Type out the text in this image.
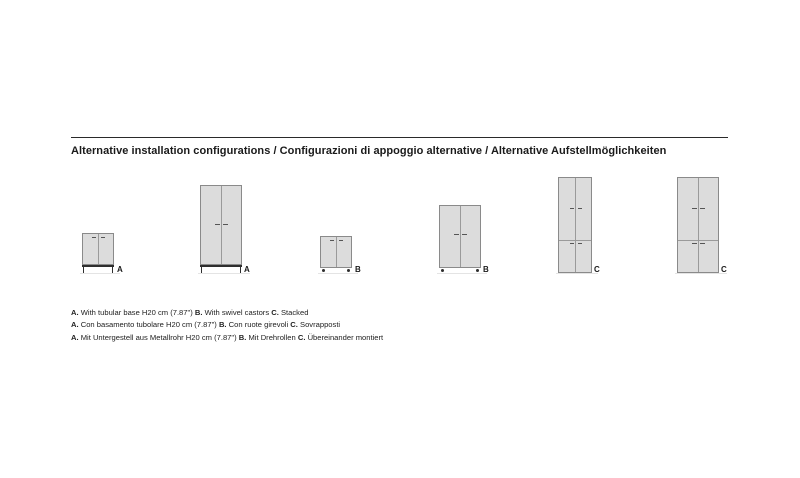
Alternative installation configurations / Configurazioni di appoggio alternative / Alternative Aufstellmöglichkeiten
A	A	B	B	C	C
A. With tubular base H20 cm (7.87") B. With swivel castors C. Stacked
A. Con basamento tubolare H20 cm (7.87") B. Con ruote girevoli C. Sovrapposti
A. Mit Untergestell aus Metallrohr H20 cm (7.87") B. Mit Drehrollen C. Übereinander montiert
